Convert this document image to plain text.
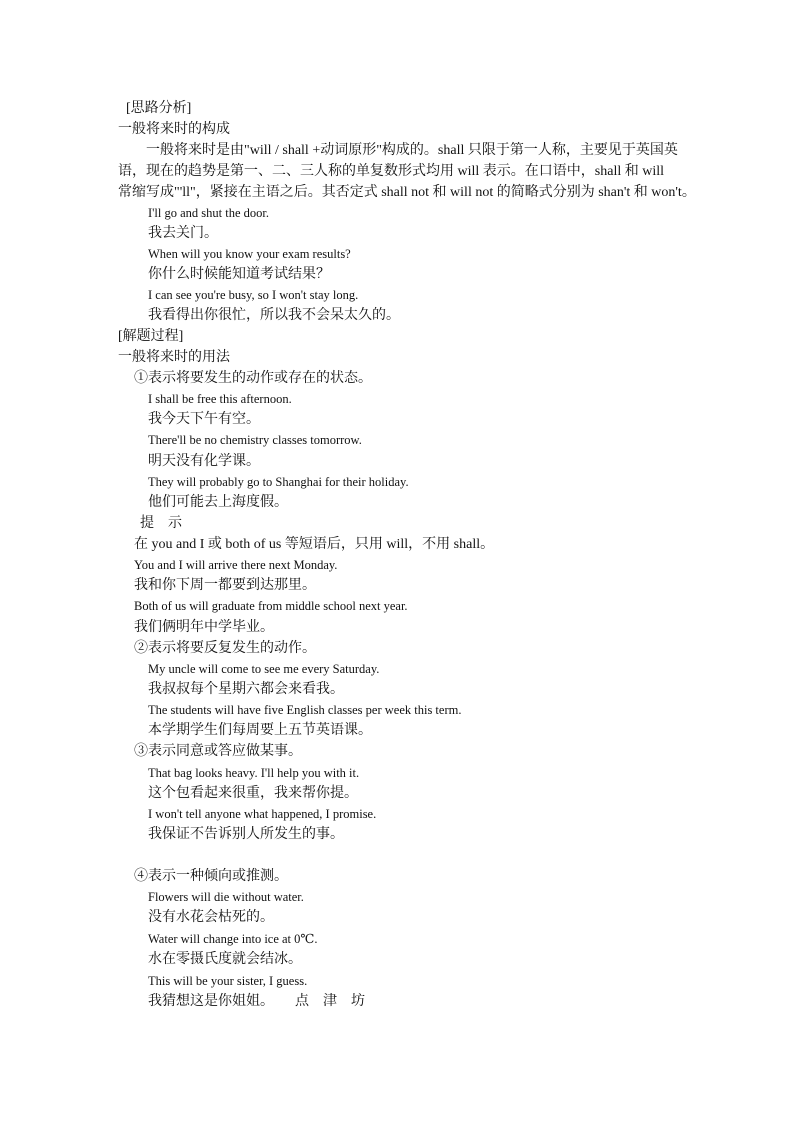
[思路分析]
一般将来时的构成
一般将来时是由"will / shall +动词原形"构成的。shall 只限于第一人称，主要见于英国英
语，现在的趋势是第一、二、三人称的单复数形式均用 will 表示。在口语中，shall 和 will
常缩写成"'ll"，紧接在主语之后。其否定式 shall not 和 will not 的简略式分别为 shan't 和 won't。
I'll go and shut the door.
我去关门。
When will you know your exam results?
你什么时候能知道考试结果？
I can see you're busy, so I won't stay long.
我看得出你很忙，所以我不会呆太久的。
[解题过程]
一般将来时的用法
①表示将要发生的动作或存在的状态。
I shall be free this afternoon.
我今天下午有空。
There'll be no chemistry classes tomorrow.
明天没有化学课。
They will probably go to Shanghai for their holiday.
他们可能去上海度假。
提　示
在 you and I 或 both of us 等短语后，只用 will，不用 shall。
You and I will arrive there next Monday.
我和你下周一都要到达那里。
Both of us will graduate from middle school next year.
我们俩明年中学毕业。
②表示将要反复发生的动作。
My uncle will come to see me every Saturday.
我叔叔每个星期六都会来看我。
The students will have five English classes per week this term.
本学期学生们每周要上五节英语课。
③表示同意或答应做某事。
That bag looks heavy. I'll help you with it.
这个包看起来很重，我来帮你提。
I won't tell anyone what happened, I promise.
我保证不告诉别人所发生的事。
④表示一种倾向或推测。
Flowers will die without water.
没有水花会枯死的。
Water will change into ice at 0℃.
水在零摄氏度就会结冰。
This will be your sister, I guess.
我猜想这是你姐姐。 点　津　坊
